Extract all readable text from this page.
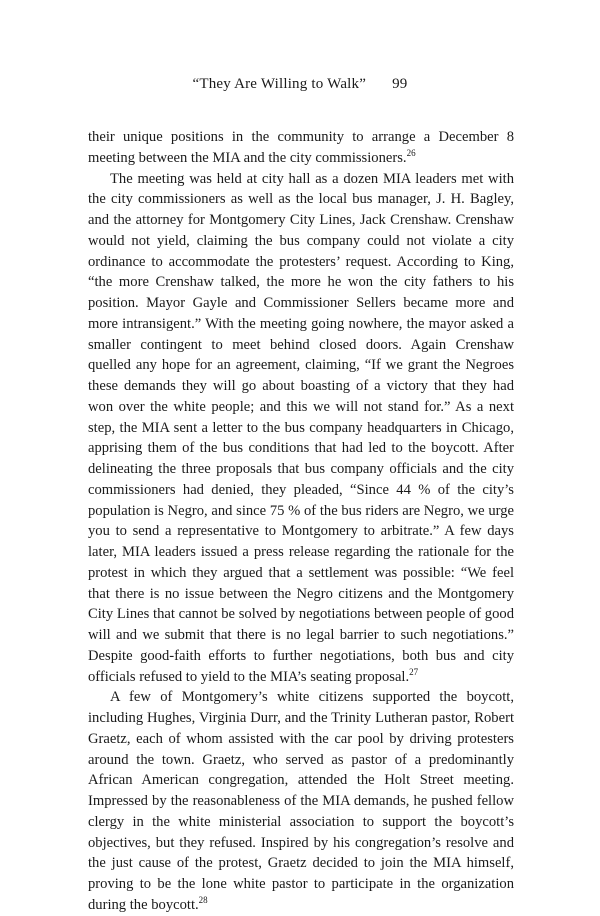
“They Are Willing to Walk” 99

their unique positions in the community to arrange a December 8 meeting between the MIA and the city commissioners.$^{26}$

The meeting was held at city hall as a dozen MIA leaders met with the city commissioners as well as the local bus manager, J. H. Bagley, and the attorney for Montgomery City Lines, Jack Crenshaw. Crenshaw would not yield, claiming the bus company could not violate a city ordinance to accommodate the protesters’ request. According to King, “the more Crenshaw talked, the more he won the city fathers to his position. Mayor Gayle and Commissioner Sellers became more and more intransigent.” With the meeting going nowhere, the mayor asked a smaller contingent to meet behind closed doors. Again Crenshaw quelled any hope for an agreement, claiming, “If we grant the Negroes these demands they will go about boasting of a victory that they had won over the white people; and this we will not stand for.” As a next step, the MIA sent a letter to the bus company headquarters in Chicago, apprising them of the bus conditions that had led to the boycott. After delineating the three proposals that bus company officials and the city commissioners had denied, they pleaded, “Since 44 % of the city’s population is Negro, and since 75 % of the bus riders are Negro, we urge you to send a representative to Montgomery to arbitrate.” A few days later, MIA leaders issued a press release regarding the rationale for the protest in which they argued that a settlement was possible: “We feel that there is no issue between the Negro citizens and the Montgomery City Lines that cannot be solved by negotiations between people of good will and we submit that there is no legal barrier to such negotiations.” Despite good-faith efforts to further negotiations, both bus and city officials refused to yield to the MIA’s seating proposal.$^{27}$

A few of Montgomery’s white citizens supported the boycott, including Hughes, Virginia Durr, and the Trinity Lutheran pastor, Robert Graetz, each of whom assisted with the car pool by driving protesters around the town. Graetz, who served as pastor of a predominantly African American congregation, attended the Holt Street meeting. Impressed by the reasonableness of the MIA demands, he pushed fellow clergy in the white ministerial association to support the boycott’s objectives, but they refused. Inspired by his congregation’s resolve and the just cause of the protest, Graetz decided to join the MIA himself, proving to be the lone white pastor to participate in the organization during the boycott.$^{28}$
